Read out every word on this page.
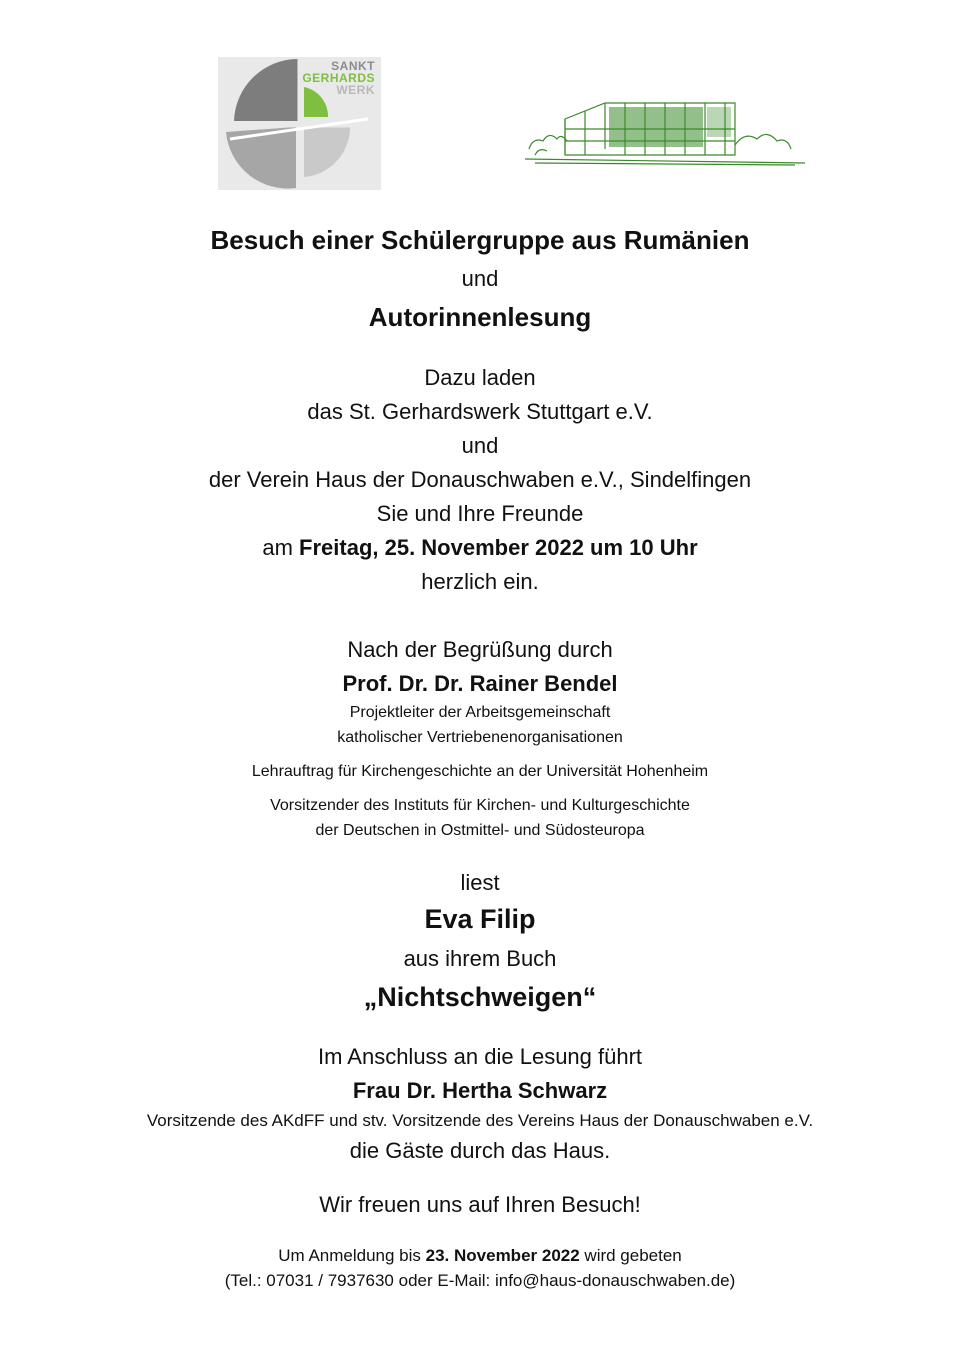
SANKT
GERHARDS
WERK
Besuch einer Schülergruppe aus Rumänien
und
Autorinnenlesung
Dazu laden
das St. Gerhardswerk Stuttgart e.V.
und
der Verein Haus der Donauschwaben e.V., Sindelfingen
Sie und Ihre Freunde
am Freitag, 25. November 2022 um 10 Uhr
herzlich ein.
Nach der Begrüßung durch
Prof. Dr. Dr. Rainer Bendel
Projektleiter der Arbeitsgemeinschaft
katholischer Vertriebenenorganisationen
Lehrauftrag für Kirchengeschichte an der Universität Hohenheim
Vorsitzender des Instituts für Kirchen- und Kulturgeschichte
der Deutschen in Ostmittel- und Südosteuropa
liest
Eva Filip
aus ihrem Buch
„Nichtschweigen“
Im Anschluss an die Lesung führt
Frau Dr. Hertha Schwarz
Vorsitzende des AKdFF und stv. Vorsitzende des Vereins Haus der Donauschwaben e.V.
die Gäste durch das Haus.
Wir freuen uns auf Ihren Besuch!
Um Anmeldung bis 23. November 2022 wird gebeten
(Tel.: 07031 / 7937630 oder E-Mail: info@haus-donauschwaben.de)
